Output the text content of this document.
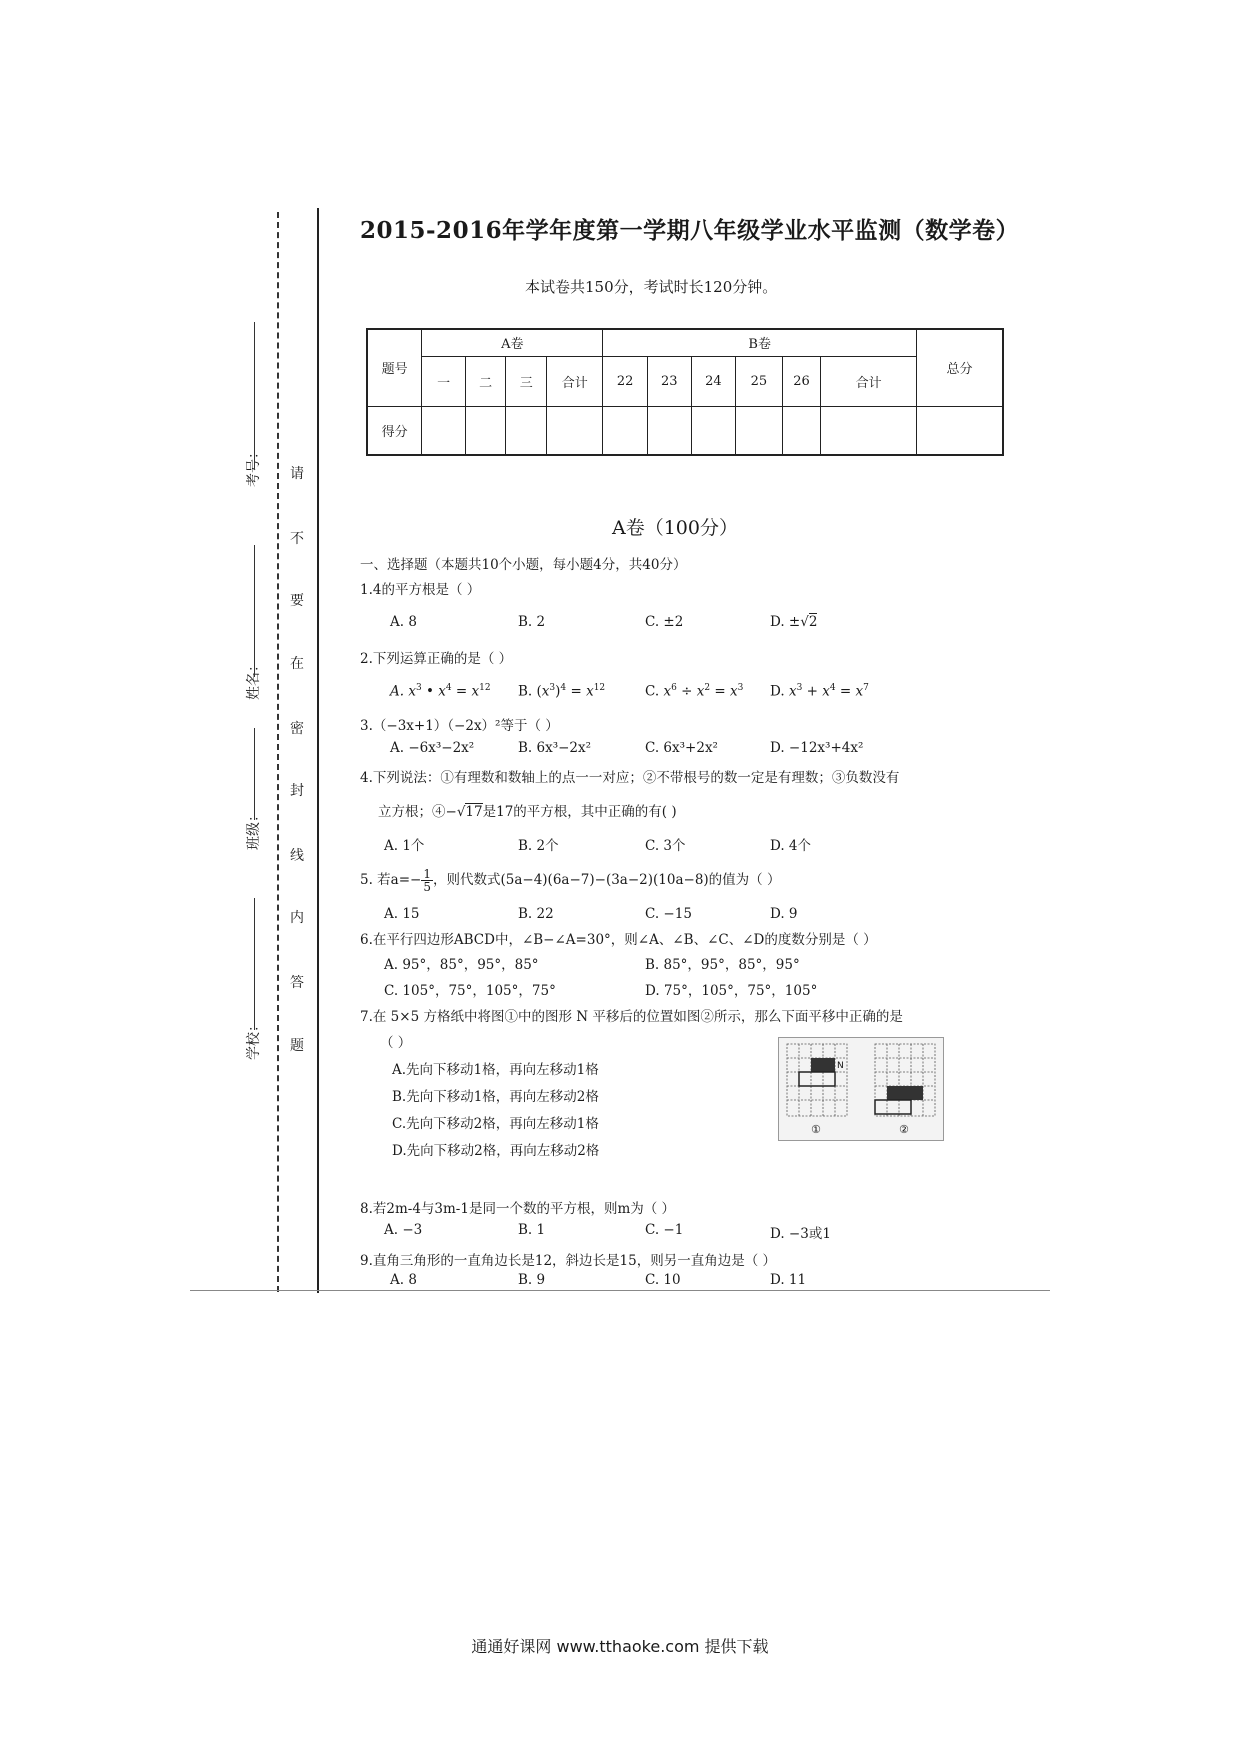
考号：
姓名：
班级：
学校：
请
不
要
在
密
封
线
内
答
题
2015-2016年学年度第一学期八年级学业水平监测（数学卷）
本试卷共150分，考试时长120分钟。
题号	A卷				B卷						总分
	一	二	三	合计	22	23	24	25	26	合计	
得分											
A卷（100分）
一、选择题（本题共10个小题，每小题4分，共40分）
1.4的平方根是（ ）
A. 8	B. 2	C. ±2	D. ±√2
2.下列运算正确的是（ ）
A. $x^3$ • $x^4 = x^{12}$ B. $(x^3)^4 = x^{12}$	C. $x^6 \div x^2 = x^3$ D. $x^3 + x^4 = x^7$
3.（−3x+1）（−2x）²等于（ ）
A. −6x³−2x²	B. 6x³−2x²	C. 6x³+2x²	D. −12x³+4x²
4.下列说法：①有理数和数轴上的点一一对应；②不带根号的数一定是有理数；③负数没有
立方根；④−√17是17的平方根，其中正确的有( )
A. 1个	B. 2个	C. 3个	D. 4个
5. 若$a=- \frac{1}{5}$ ，则代数式(5a−4)(6a−7)−(3a−2)(10a−8)的值为（ ）
A. 15	B. 22	C. −15	D. 9
6.在平行四边形ABCD中，∠B−∠A=30°，则∠A、∠B、∠C、∠D的度数分别是（ ）
A. 95°，85°，95°，85°	B. 85°，95°，85°，95°
C. 105°，75°，105°，75°	D. 75°，105°，75°，105°
7.在 5×5 方格纸中将图①中的图形 N 平移后的位置如图②所示，那么下面平移中正确的是
（ ）
A.先向下移动1格，再向左移动1格
B.先向下移动1格，再向左移动2格
C.先向下移动2格，再向左移动1格
D.先向下移动2格，再向左移动2格
N
①	②
8.若2m-4与3m-1是同一个数的平方根，则m为（ ）
A. −3	B. 1	C. −1	D. −3或1
9.直角三角形的一直角边长是12，斜边长是15，则另一直角边是（ ）
A. 8	B. 9	C. 10	D. 11
通通好课网 www.tthaoke.com 提供下载
